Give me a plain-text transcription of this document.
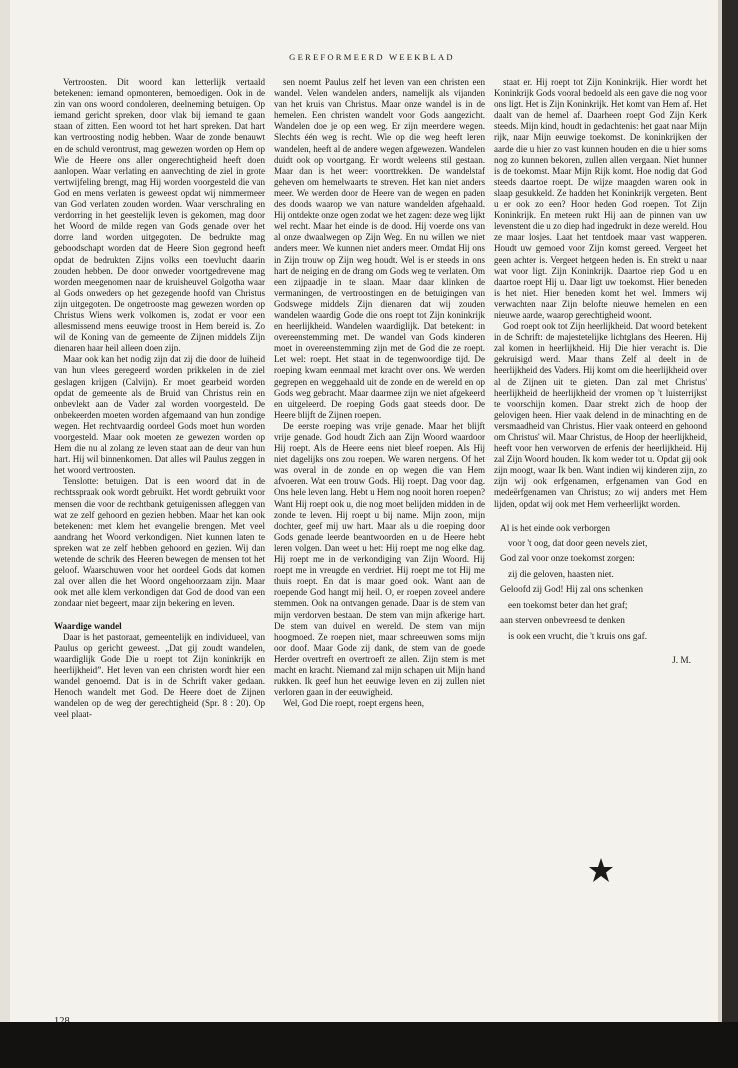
GEREFORMEERD WEEKBLAD

Vertroosten. Dit woord kan letterlijk vertaald betekenen: iemand opmonteren, bemoedigen. Ook in de zin van ons woord condoleren, deelneming betuigen. Op iemand gericht spreken, door vlak bij iemand te gaan staan of zitten. Een woord tot het hart spreken. Dat hart kan vertroosting nodig hebben. Waar de zonde benauwt en de schuld verontrust, mag gewezen worden op Hem op Wie de Heere ons aller ongerechtigheid heeft doen aanlopen. Waar verlating en aanvechting de ziel in grote vertwijfeling brengt, mag Hij worden voorgesteld die van God en mens verlaten is geweest opdat wij nimmermeer van God verlaten zouden worden. Waar verschraling en verdorring in het geestelijk leven is gekomen, mag door het Woord de milde regen van Gods genade over het dorre land worden uitgegoten. De bedrukte mag geboodschapt worden dat de Heere Sion gegrond heeft opdat de bedrukten Zijns volks een toevlucht daarin zouden hebben. De door onweder voortgedrevene mag worden meegenomen naar de kruisheuvel Golgotha waar al Gods onweders op het gezegende hoofd van Christus zijn uitgegoten. De ongetrooste mag gewezen worden op Christus Wiens werk volkomen is, zodat er voor een allesmissend mens eeuwige troost in Hem bereid is. Zo wil de Koning van de gemeente de Zijnen middels Zijn dienaren haar heil alleen doen zijn.

Maar ook kan het nodig zijn dat zij die door de luiheid van hun vlees geregeerd worden prikkelen in de ziel geslagen krijgen (Calvijn). Er moet gearbeid worden opdat de gemeente als de Bruid van Christus rein en onbevlekt aan de Vader zal worden voorgesteld. De onbekeerden moeten worden afgemaand van hun zondige wegen. Het rechtvaardig oordeel Gods moet hun worden voorgesteld. Maar ook moeten ze gewezen worden op Hem die nu al zolang ze leven staat aan de deur van hun hart. Hij wil binnenkomen. Dat alles wil Paulus zeggen in het woord vertroosten.

Tenslotte: betuigen. Dat is een woord dat in de rechtsspraak ook wordt gebruikt. Het wordt gebruikt voor mensen die voor de rechtbank getuigenissen afleggen van wat ze zelf gehoord en gezien hebben. Maar het kan ook betekenen: met klem het evangelie brengen. Met veel aandrang het Woord verkondigen. Niet kunnen laten te spreken wat ze zelf hebben gehoord en gezien. Wij dan wetende de schrik des Heeren bewegen de mensen tot het geloof. Waarschuwen voor het oordeel Gods dat komen zal over allen die het Woord ongehoorzaam zijn. Maar ook met alle klem verkondigen dat God de dood van een zondaar niet begeert, maar zijn bekering en leven.

Waardige wandel

Daar is het pastoraat, gemeentelijk en individueel, van Paulus op gericht geweest. „Dat gij zoudt wandelen, waardiglijk Gode Die u roept tot Zijn koninkrijk en heerlijkheid”. Het leven van een christen wordt hier een wandel genoemd. Dat is in de Schrift vaker gedaan. Henoch wandelt met God. De Heere doet de Zijnen wandelen op de weg der gerechtigheid (Spr. 8 : 20). Op veel plaat-

sen noemt Paulus zelf het leven van een christen een wandel. Velen wandelen anders, namelijk als vijanden van het kruis van Christus. Maar onze wandel is in de hemelen. Een christen wandelt voor Gods aangezicht. Wandelen doe je op een weg. Er zijn meerdere wegen. Slechts één weg is recht. Wie op die weg heeft leren wandelen, heeft al de andere wegen afgewezen. Wandelen duidt ook op voortgang. Er wordt weleens stil gestaan. Maar dan is het weer: voorttrekken. De wandelstaf geheven om hemelwaarts te streven. Het kan niet anders meer. We werden door de Heere van de wegen en paden des doods waarop we van nature wandelden afgehaald. Hij ontdekte onze ogen zodat we het zagen: deze weg lijkt wel recht. Maar het einde is de dood. Hij voerde ons van al onze dwaalwegen op Zijn Weg. En nu willen we niet anders meer. We kunnen niet anders meer. Omdat Hij ons in Zijn trouw op Zijn weg houdt. Wel is er steeds in ons hart de neiging en de drang om Gods weg te verlaten. Om een zijpaadje in te slaan. Maar daar klinken de vermaningen, de vertroostingen en de betuigingen van Godswege middels Zijn dienaren dat wij zouden wandelen waardig Gode die ons roept tot Zijn koninkrijk en heerlijkheid. Wandelen waardiglijk. Dat betekent: in overeenstemming met. De wandel van Gods kinderen moet in overeenstemming zijn met de God die ze roept. Let wel: roept. Het staat in de tegenwoordige tijd. De roeping kwam eenmaal met kracht over ons. We werden gegrepen en weggehaald uit de zonde en de wereld en op Gods weg gebracht. Maar daarmee zijn we niet afgekeerd en uitgeleerd. De roeping Gods gaat steeds door. De Heere blijft de Zijnen roepen.

De eerste roeping was vrije genade. Maar het blijft vrije genade. God houdt Zich aan Zijn Woord waardoor Hij roept. Als de Heere eens niet bleef roepen. Als Hij niet dagelijks ons zou roepen. We waren nergens. Of het was overal in de zonde en op wegen die van Hem afvoeren. Wat een trouw Gods. Hij roept. Dag voor dag. Ons hele leven lang. Hebt u Hem nog nooit horen roepen? Want Hij roept ook u, die nog moet belijden midden in de zonde te leven. Hij roept u bij name. Mijn zoon, mijn dochter, geef mij uw hart. Maar als u die roeping door Gods genade leerde beantwoorden en u de Heere hebt leren volgen. Dan weet u het: Hij roept me nog elke dag. Hij roept me in de verkondiging van Zijn Woord. Hij roept me in vreugde en verdriet. Hij roept me tot Hij me thuis roept. En dat is maar goed ook. Want aan de roepende God hangt mij heil. O, er roepen zoveel andere stemmen. Ook na ontvangen genade. Daar is de stem van mijn verdorven bestaan. De stem van mijn afkerige hart. De stem van duivel en wereld. De stem van mijn hoogmoed. Ze roepen niet, maar schreeuwen soms mijn oor doof. Maar Gode zij dank, de stem van de goede Herder overtreft en overtroeft ze allen. Zijn stem is met macht en kracht. Niemand zal mijn schapen uit Mijn hand rukken. Ik geef hun het eeuwige leven en zij zullen niet verloren gaan in der eeuwigheid.

Wel, God Die roept, roept ergens heen,

staat er. Hij roept tot Zijn Koninkrijk. Hier wordt het Koninkrijk Gods vooral bedoeld als een gave die nog voor ons ligt. Het is Zijn Koninkrijk. Het komt van Hem af. Het daalt van de hemel af. Daarheen roept God Zijn Kerk steeds. Mijn kind, houdt in gedachtenis: het gaat naar Mijn rijk, naar Mijn eeuwige toekomst. De koninkrijken der aarde die u hier zo vast kunnen houden en die u hier soms nog zo kunnen bekoren, zullen allen vergaan. Niet hunner is de toekomst. Maar Mijn Rijk komt. Hoe nodig dat God steeds daartoe roept. De wijze maagden waren ook in slaap gesukkeld. Ze hadden het Koninkrijk vergeten. Bent u er ook zo een? Hoor heden God roepen. Tot Zijn Koninkrijk. En meteen rukt Hij aan de pinnen van uw levenstent die u zo diep had ingedrukt in deze wereld. Hou ze maar losjes. Laat het tentdoek maar vast wapperen. Houdt uw gemoed voor Zijn komst gereed. Vergeet het geen achter is. Vergeet hetgeen heden is. En strekt u naar wat voor ligt. Zijn Koninkrijk. Daartoe riep God u en daartoe roept Hij u. Daar ligt uw toekomst. Hier beneden is het niet. Hier beneden komt het wel. Immers wij verwachten naar Zijn belofte nieuwe hemelen en een nieuwe aarde, waarop gerechtigheid woont.

God roept ook tot Zijn heerlijkheid. Dat woord betekent in de Schrift: de majestetelijke lichtglans des Heeren. Hij zal komen in heerlijkheid. Hij Die hier veracht is. Die gekruisigd werd. Maar thans Zelf al deelt in de heerlijkheid des Vaders. Hij komt om die heerlijkheid over al de Zijnen uit te gieten. Dan zal met Christus' heerlijkheid de heerlijkheid der vromen op 't luisterrijkst te voorschijn komen. Daar strekt zich de hoop der gelovigen heen. Hier vaak delend in de minachting en de versmaadheid van Christus. Hier vaak onteerd en gehoond om Christus' wil. Maar Christus, de Hoop der heerlijkheid, heeft voor hen verworven de erfenis der heerlijkheid. Hij zal Zijn Woord houden. Ik kom weder tot u. Opdat gij ook zijn moogt, waar Ik ben. Want indien wij kinderen zijn, zo zijn wij ook erfgenamen, erfgenamen van God en medeërfgenamen van Christus; zo wij anders met Hem lijden, opdat wij ook met Hem verheerlijkt worden.

Al is het einde ook verborgen
voor 't oog, dat door geen nevels ziet,
God zal voor onze toekomst zorgen:
zij die geloven, haasten niet.
Geloofd zij God! Hij zal ons schenken
een toekomst beter dan het graf;
aan sterven onbevreesd te denken
is ook een vrucht, die 't kruis ons gaf.
J. M.
